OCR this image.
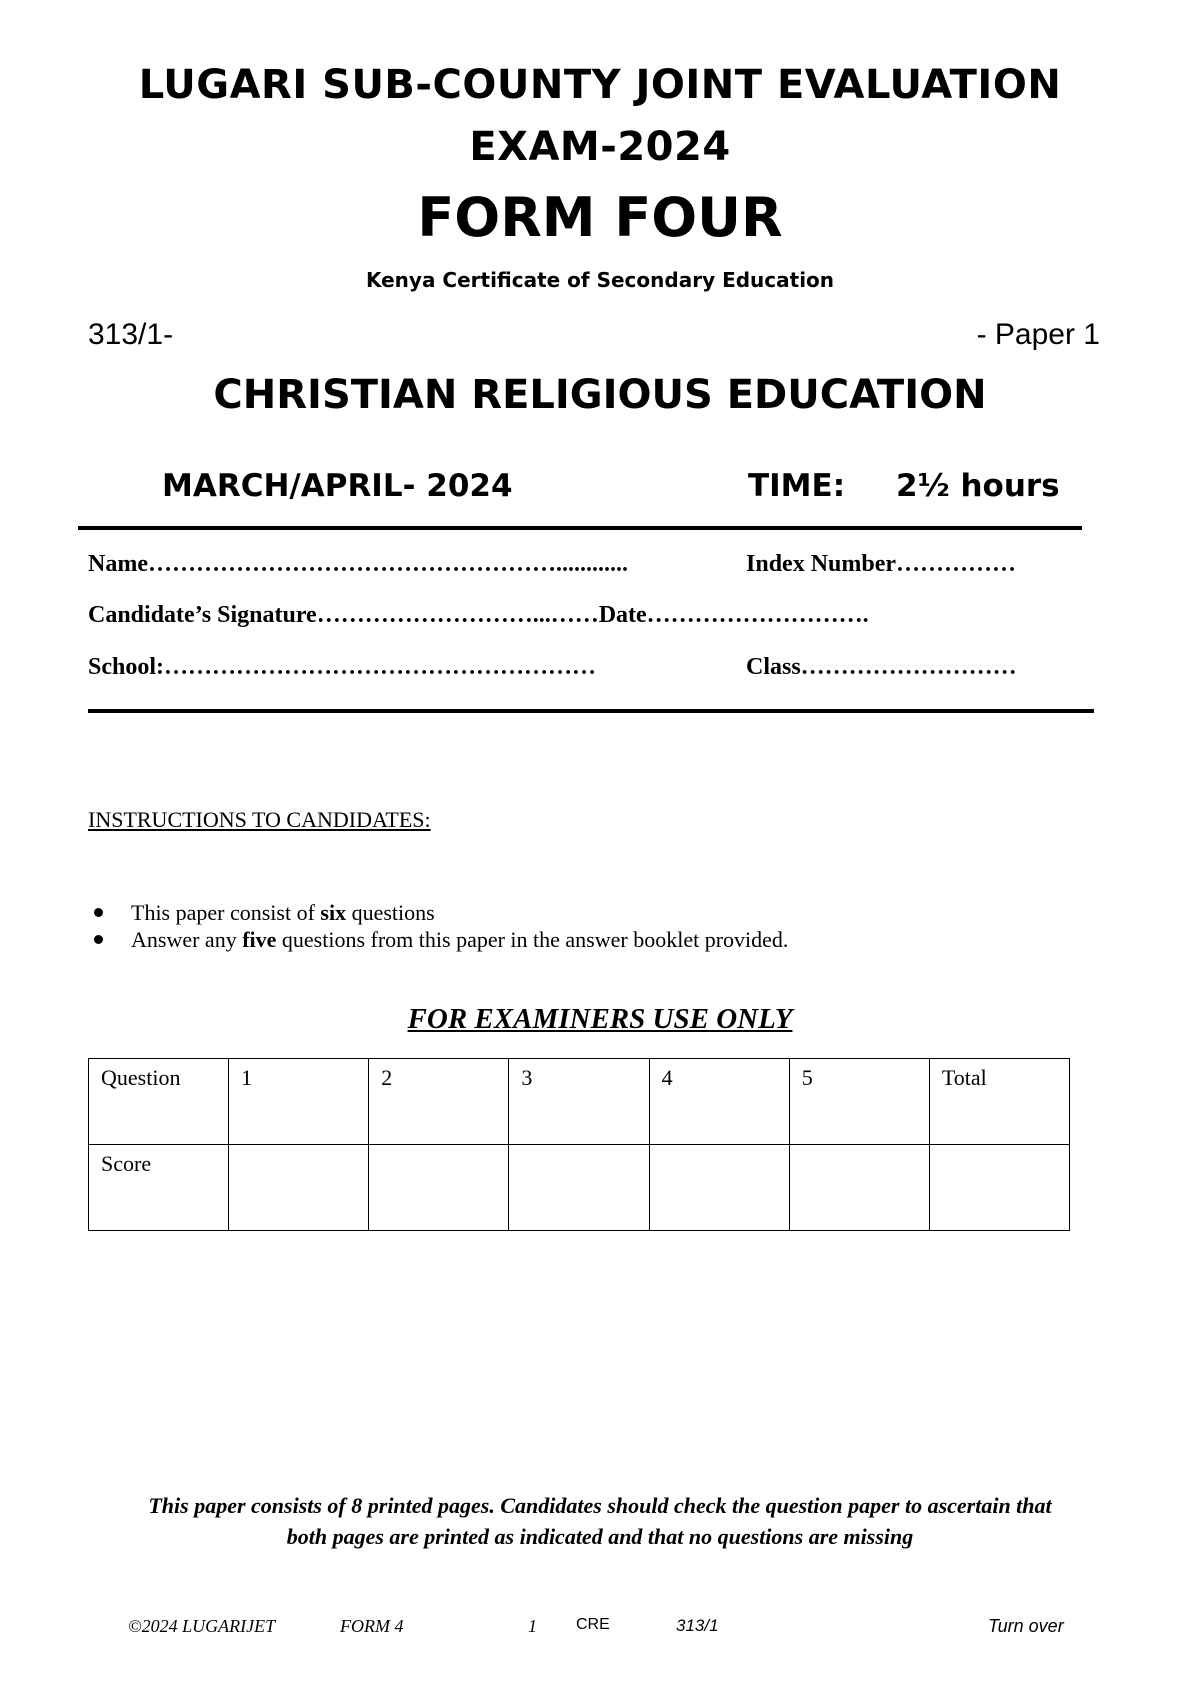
LUGARI SUB-COUNTY JOINT EVALUATION
EXAM-2024
FORM FOUR
Kenya Certificate of Secondary Education
313/1-	- Paper 1
CHRISTIAN RELIGIOUS EDUCATION
MARCH/APRIL- 2024	TIME: 2½ hours
Name……………………………………………............	Index Number……………
Candidate’s Signature………………………...……Date……………………….
School:………………………………………………	Class………………………
INSTRUCTIONS TO CANDIDATES:
This paper consist of six questions
Answer any five questions from this paper in the answer booklet provided.
FOR EXAMINERS USE ONLY
Question	1	2	3	4	5	Total
Score						
This paper consists of 8 printed pages. Candidates should check the question paper to ascertain that
both pages are printed as indicated and that no questions are missing
©2024 LUGARIJET	FORM 4	1 CRE	313/1	Turn over
